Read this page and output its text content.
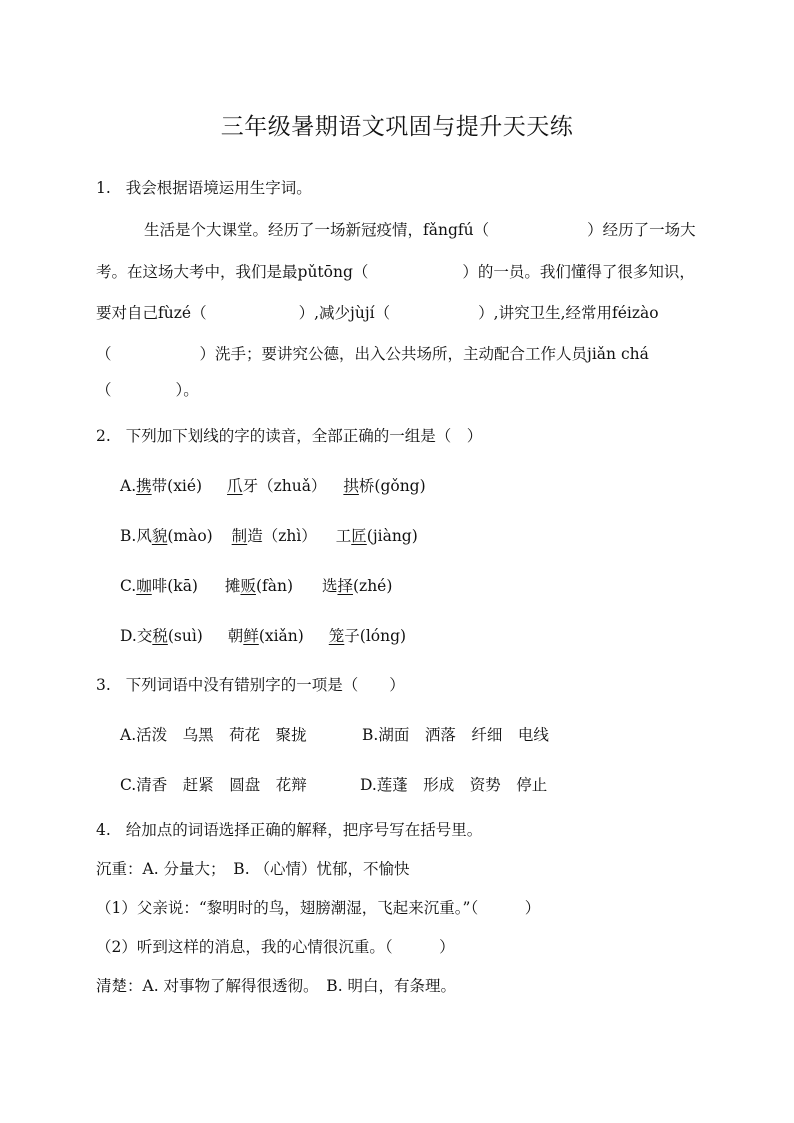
三年级暑期语文巩固与提升天天练
1. 我会根据语境运用生字词。
生活是个大课堂。经历了一场新冠疫情，fǎngfú（	）经历了一场大
考。在这场大考中，我们是最pǔtōng（	）的一员。我们懂得了很多知识，
要对自己fùzé（	）,减少jùjí（	）,讲究卫生,经常用féizào
（	）洗手；要讲究公德，出入公共场所，主动配合工作人员jiǎn chá
（	）。
2. 下列加下划线的字的读音，全部正确的一组是（　）
A.携带(xié) 爪牙（zhuǎ） 拱桥(gǒng)
B.风貌(mào) 制造（zhì） 工匠(jiàng)
C.咖啡(kā) 摊贩(fàn) 选择(zhé)
D.交税(suì) 朝鲜(xiǎn) 笼子(lóng)
3. 下列词语中没有错别字的一项是（　　）
A.活泼　乌黑　荷花　聚拢	B.湖面　洒落　纤细　电线
C.清香　赶紧　圆盘　花辩	D.莲蓬　形成　资势　停止
4. 给加点的词语选择正确的解释，把序号写在括号里。
沉重：A. 分量大；　B. （心情）忧郁，不愉快
（1）父亲说：“黎明时的鸟，翅膀潮湿，飞起来沉重。”（　　　）
（2）听到这样的消息，我的心情很沉重。（　　　）
清楚：A. 对事物了解得很透彻。　B. 明白，有条理。
